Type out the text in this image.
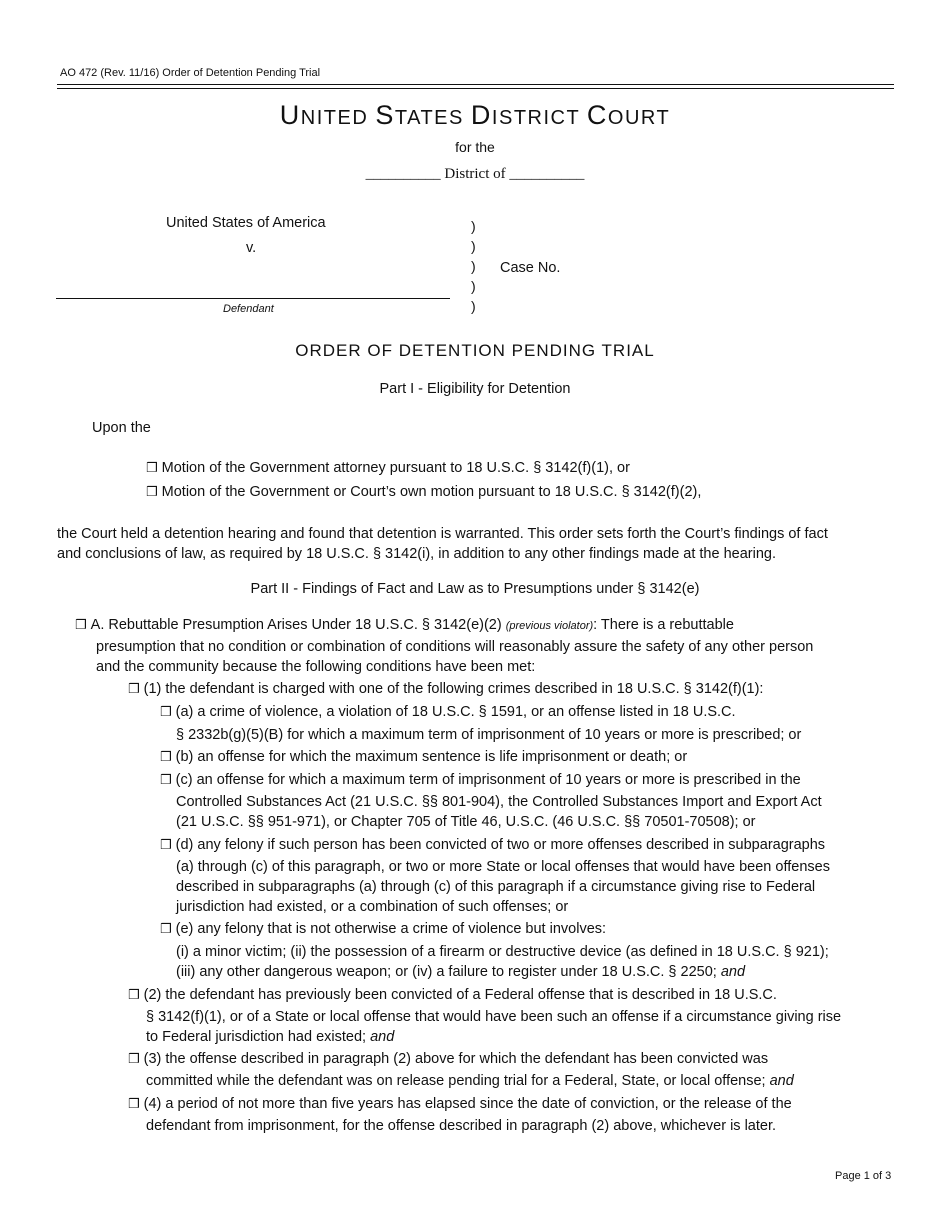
AO 472 (Rev. 11/16) Order of Detention Pending Trial
UNITED STATES DISTRICT COURT
for the
__________ District of __________
United States of America
v.
Defendant
)
)
)
)
)
Case No.
ORDER OF DETENTION PENDING TRIAL
Part I - Eligibility for Detention
Upon the
❒ Motion of the Government attorney pursuant to 18 U.S.C. § 3142(f)(1), or
❒ Motion of the Government or Court’s own motion pursuant to 18 U.S.C. § 3142(f)(2),
the Court held a detention hearing and found that detention is warranted. This order sets forth the Court’s findings of fact
and conclusions of law, as required by 18 U.S.C. § 3142(i), in addition to any other findings made at the hearing.
Part II - Findings of Fact and Law as to Presumptions under § 3142(e)
❒ A. Rebuttable Presumption Arises Under 18 U.S.C. § 3142(e)(2) (previous violator): There is a rebuttable
presumption that no condition or combination of conditions will reasonably assure the safety of any other person
and the community because the following conditions have been met:
❒ (1) the defendant is charged with one of the following crimes described in 18 U.S.C. § 3142(f)(1):
❒ (a) a crime of violence, a violation of 18 U.S.C. § 1591, or an offense listed in 18 U.S.C.
§ 2332b(g)(5)(B) for which a maximum term of imprisonment of 10 years or more is prescribed; or
❒ (b) an offense for which the maximum sentence is life imprisonment or death; or
❒ (c) an offense for which a maximum term of imprisonment of 10 years or more is prescribed in the
Controlled Substances Act (21 U.S.C. §§ 801-904), the Controlled Substances Import and Export Act
(21 U.S.C. §§ 951-971), or Chapter 705 of Title 46, U.S.C. (46 U.S.C. §§ 70501-70508); or
❒ (d) any felony if such person has been convicted of two or more offenses described in subparagraphs
(a) through (c) of this paragraph, or two or more State or local offenses that would have been offenses
described in subparagraphs (a) through (c) of this paragraph if a circumstance giving rise to Federal
jurisdiction had existed, or a combination of such offenses; or
❒ (e) any felony that is not otherwise a crime of violence but involves:
(i) a minor victim; (ii) the possession of a firearm or destructive device (as defined in 18 U.S.C. § 921);
(iii) any other dangerous weapon; or (iv) a failure to register under 18 U.S.C. § 2250; and
❒ (2) the defendant has previously been convicted of a Federal offense that is described in 18 U.S.C.
§ 3142(f)(1), or of a State or local offense that would have been such an offense if a circumstance giving rise
to Federal jurisdiction had existed; and
❒ (3) the offense described in paragraph (2) above for which the defendant has been convicted was
committed while the defendant was on release pending trial for a Federal, State, or local offense; and
❒ (4) a period of not more than five years has elapsed since the date of conviction, or the release of the
defendant from imprisonment, for the offense described in paragraph (2) above, whichever is later.
Page 1 of 3
